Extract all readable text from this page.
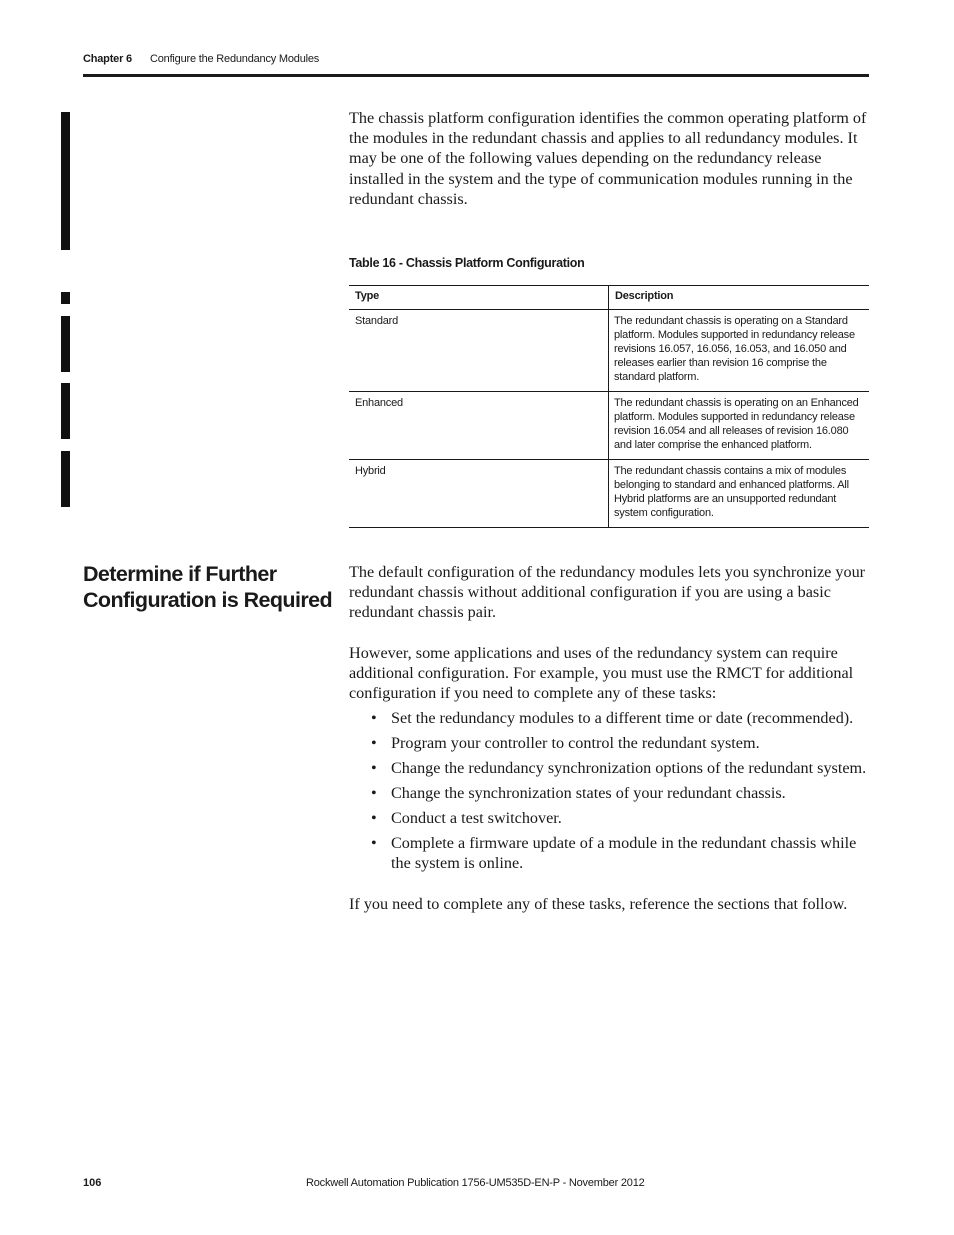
Chapter 6 Configure the Redundancy Modules

The chassis platform configuration identifies the common operating platform of the modules in the redundant chassis and applies to all redundancy modules. It may be one of the following values depending on the redundancy release installed in the system and the type of communication modules running in the redundant chassis.

Table 16 - Chassis Platform Configuration
Type	Description
Standard	The redundant chassis is operating on a Standard platform. Modules supported in redundancy release revisions 16.057, 16.056, 16.053, and 16.050 and releases earlier than revision 16 comprise the standard platform.
Enhanced	The redundant chassis is operating on an Enhanced platform. Modules supported in redundancy release revision 16.054 and all releases of revision 16.080 and later comprise the enhanced platform.
Hybrid	The redundant chassis contains a mix of modules belonging to standard and enhanced platforms. All Hybrid platforms are an unsupported redundant system configuration.
Determine if Further Configuration is Required

The default configuration of the redundancy modules lets you synchronize your redundant chassis without additional configuration if you are using a basic redundant chassis pair.

However, some applications and uses of the redundancy system can require additional configuration. For example, you must use the RMCT for additional configuration if you need to complete any of these tasks:

• Set the redundancy modules to a different time or date (recommended).
• Program your controller to control the redundant system.
• Change the redundancy synchronization options of the redundant system.
• Change the synchronization states of your redundant chassis.
• Conduct a test switchover.
• Complete a firmware update of a module in the redundant chassis while the system is online.

If you need to complete any of these tasks, reference the sections that follow.

106	Rockwell Automation Publication 1756-UM535D-EN-P - November 2012
